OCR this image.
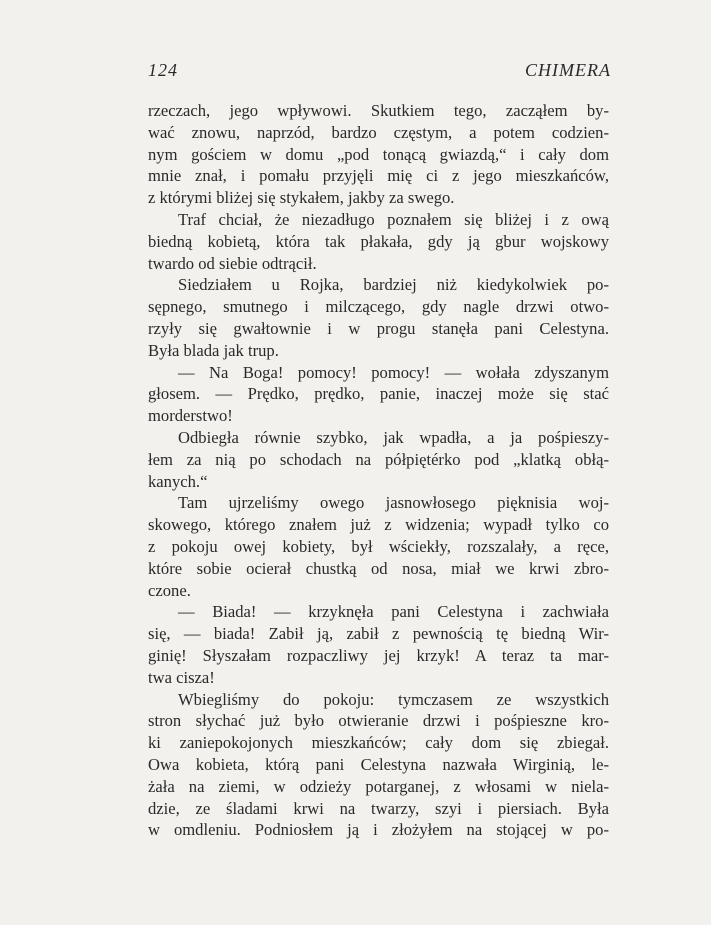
124	CHIMERA
rzeczach, jego wpływowi. Skutkiem tego, zacząłem by-
wać znowu, naprzód, bardzo częstym, a potem codzien-
nym gościem w domu „pod tonącą gwiazdą,“ i cały dom
mnie znał, i pomału przyjęli mię ci z jego mieszkańców,
z którymi bliżej się stykałem, jakby za swego.
Traf chciał, że niezadługo poznałem się bliżej i z ową
biedną kobietą, która tak płakała, gdy ją gbur wojskowy
twardo od siebie odtrącił.
Siedziałem u Rojka, bardziej niż kiedykolwiek po-
sępnego, smutnego i milczącego, gdy nagle drzwi otwo-
rzyły się gwałtownie i w progu stanęła pani Celestyna.
Była blada jak trup.
— Na Boga! pomocy! pomocy! — wołała zdyszanym
głosem. — Prędko, prędko, panie, inaczej może się stać
morderstwo!
Odbiegła równie szybko, jak wpadła, a ja pośpieszy-
łem za nią po schodach na półpiętérko pod „klatką obłą-
kanych.“
Tam ujrzeliśmy owego jasnowłosego pięknisia woj-
skowego, którego znałem już z widzenia; wypadł tylko co
z pokoju owej kobiety, był wściekły, rozszalały, a ręce,
które sobie ocierał chustką od nosa, miał we krwi zbro-
czone.
— Biada! — krzyknęła pani Celestyna i zachwiała
się, — biada! Zabił ją, zabił z pewnością tę biedną Wir-
ginię! Słyszałam rozpaczliwy jej krzyk! A teraz ta mar-
twa cisza!
Wbiegliśmy do pokoju: tymczasem ze wszystkich
stron słychać już było otwieranie drzwi i pośpieszne kro-
ki zaniepokojonych mieszkańców; cały dom się zbiegał.
Owa kobieta, którą pani Celestyna nazwała Wirginią, le-
żała na ziemi, w odzieży potarganej, z włosami w niela-
dzie, ze śladami krwi na twarzy, szyi i piersiach. Była
w omdleniu. Podniosłem ją i złożyłem na stojącej w po-
